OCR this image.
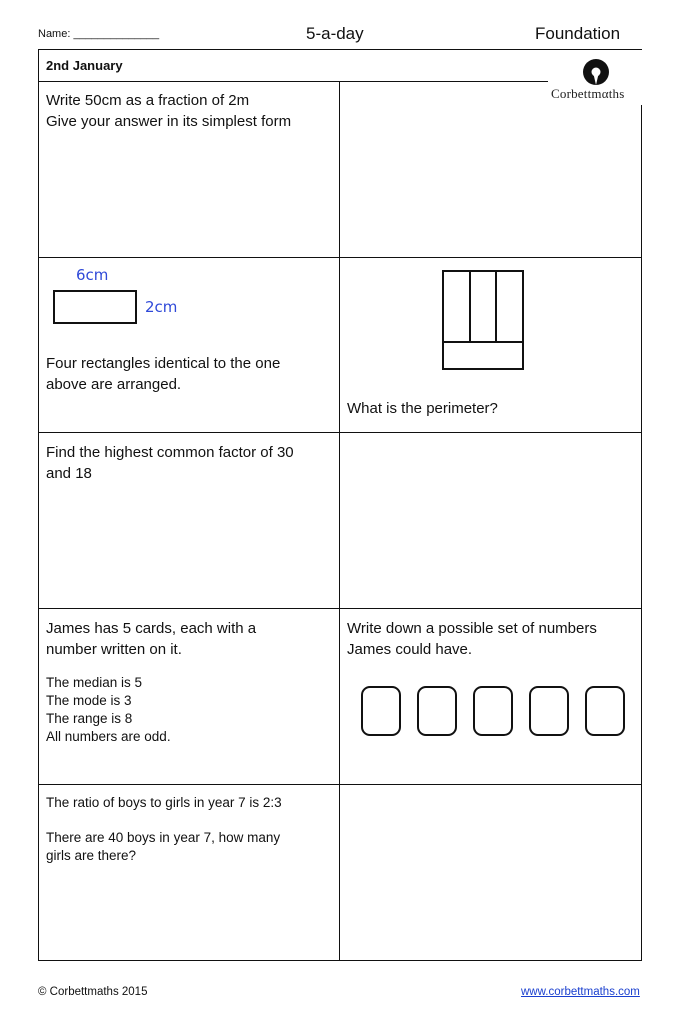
Name: ______________	5-a-day	Foundation
2nd January
Corbettmαths
Write 50cm as a fraction of 2m
Give your answer in its simplest form
6cm
2cm
Four rectangles identical to the one
above are arranged.
What is the perimeter?
Find the highest common factor of 30
and 18
James has 5 cards, each with a
number written on it.
The median is 5
The mode is 3
The range is 8
All numbers are odd.
Write down a possible set of numbers
James could have.
The ratio of boys to girls in year 7 is 2:3
There are 40 boys in year 7, how many
girls are there?
© Corbettmaths 2015	www.corbettmaths.com
